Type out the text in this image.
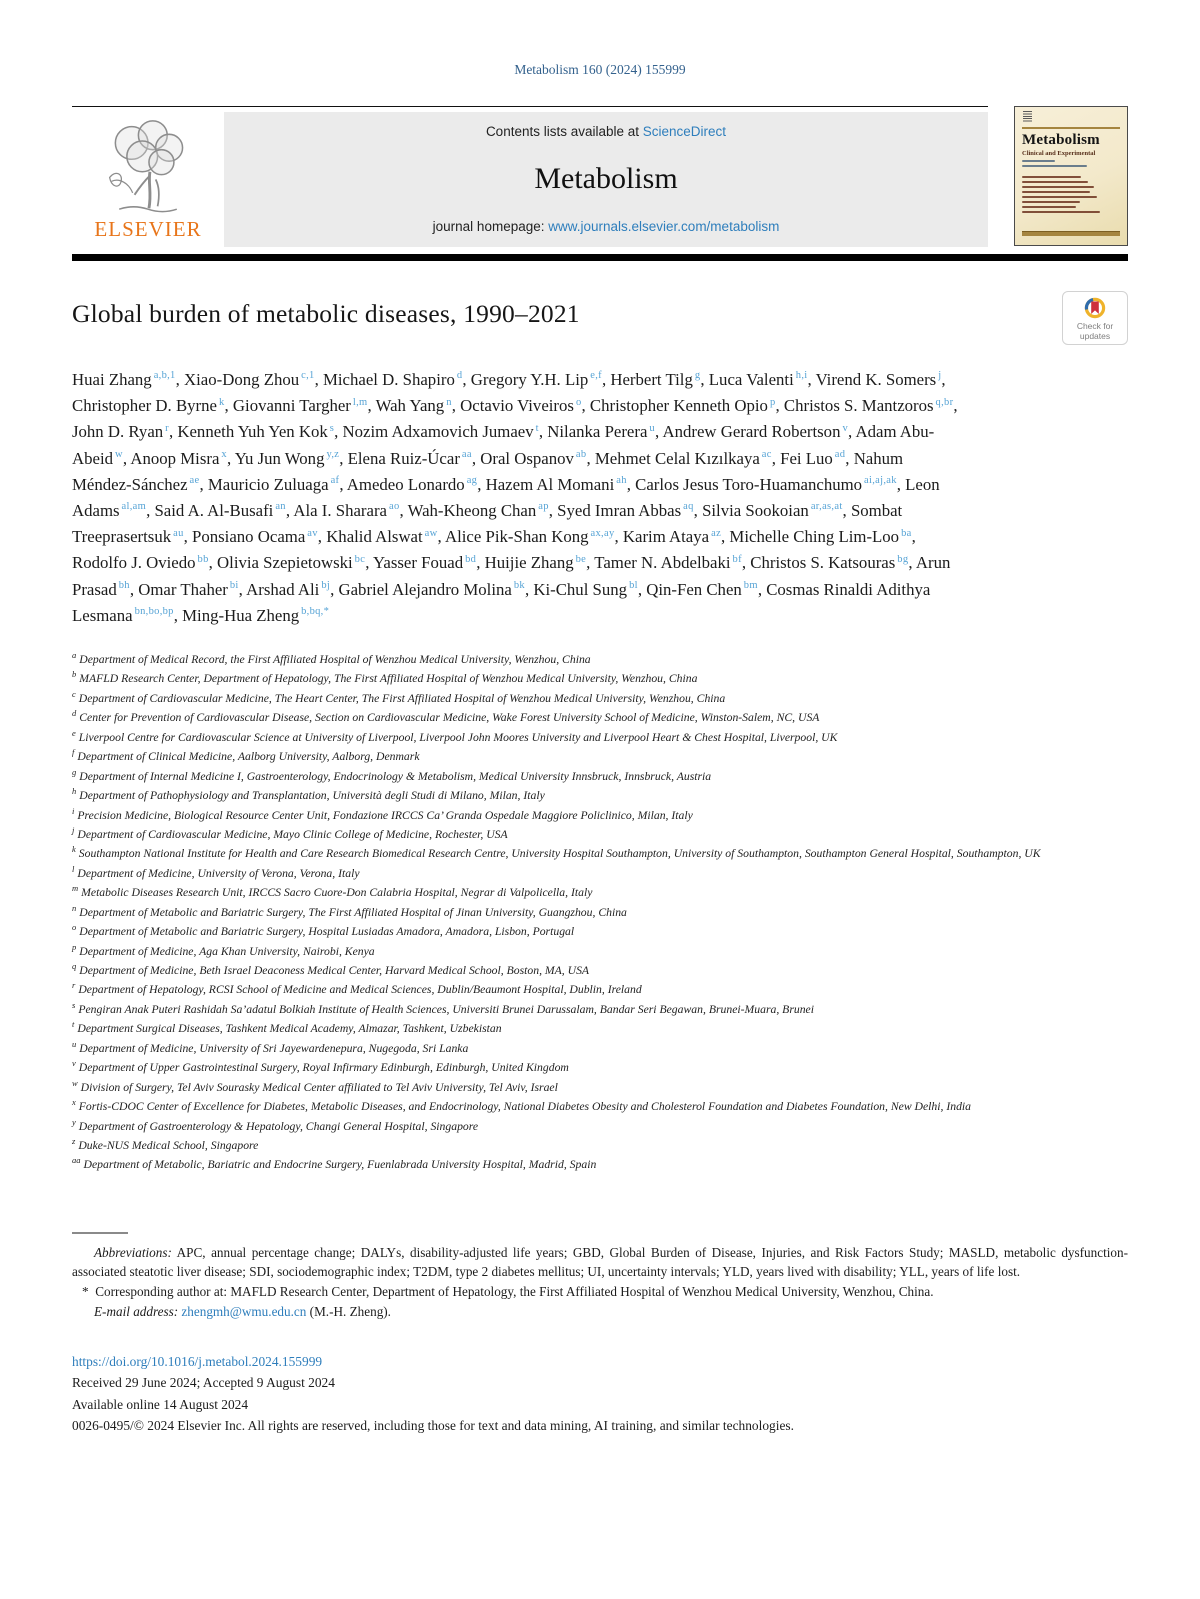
Metabolism 160 (2024) 155999
ELSEVIER
Contents lists available at ScienceDirect
Metabolism
journal homepage: www.journals.elsevier.com/metabolism
Metabolism
Clinical and Experimental
Global burden of metabolic diseases, 1990–2021	Check for updates

Huai Zhang $^{a,b,1}$ , Xiao-Dong Zhou $^{c,1}$ , Michael D. Shapiro $^d$ , Gregory Y.H. Lip $^{e,f}$ , Herbert Tilg $^g$ , Luca Valenti $^{h,i}$ , Virend K. Somers $^j$ , Christopher D. Byrne $^k$ , Giovanni Targher $^{l,m}$ , Wah Yang $^n$ , Octavio Viveiros $^o$ , Christopher Kenneth Opio $^p$ , Christos S. Mantzoros $^{q,br}$ , John D. Ryan $^r$ , Kenneth Yuh Yen Kok $^s$ , Nozim Adxamovich Jumaev $^t$ , Nilanka Perera $^u$ , Andrew Gerard Robertson $^v$ , Adam Abu-Abeid $^w$ , Anoop Misra $^x$ , Yu Jun Wong $^{y,z}$ , Elena Ruiz-Úcar $^{aa}$ , Oral Ospanov $^{ab}$ , Mehmet Celal Kızılkaya $^{ac}$ , Fei Luo $^{ad}$ , Nahum Méndez-Sánchez $^{ae}$ , Mauricio Zuluaga $^{af}$ , Amedeo Lonardo $^{ag}$ , Hazem Al Momani $^{ah}$ , Carlos Jesus Toro-Huamanchumo $^{ai,aj,ak}$ , Leon Adams $^{al,am}$ , Said A. Al-Busafi $^{an}$ , Ala I. Sharara $^{ao}$ , Wah-Kheong Chan $^{ap}$ , Syed Imran Abbas $^{aq}$ , Silvia Sookoian $^{ar,as,at}$ , Sombat Treeprasertsuk $^{au}$ , Ponsiano Ocama $^{av}$ , Khalid Alswat $^{aw}$ , Alice Pik-Shan Kong $^{ax,ay}$ , Karim Ataya $^{az}$ , Michelle Ching Lim-Loo $^{ba}$ , Rodolfo J. Oviedo $^{bb}$ , Olivia Szepietowski $^{bc}$ , Yasser Fouad $^{bd}$ , Huijie Zhang $^{be}$ , Tamer N. Abdelbaki $^{bf}$ , Christos S. Katsouras $^{bg}$ , Arun Prasad $^{bh}$ , Omar Thaher $^{bi}$ , Arshad Ali $^{bj}$ , Gabriel Alejandro Molina $^{bk}$ , Ki-Chul Sung $^{bl}$ , Qin-Fen Chen $^{bm}$ , Cosmas Rinaldi Adithya Lesmana $^{bn,bo,bp}$ , Ming-Hua Zheng $^{b,bq,*}$

$^a$ Department of Medical Record, the First Affiliated Hospital of Wenzhou Medical University, Wenzhou, China
$^b$ MAFLD Research Center, Department of Hepatology, The First Affiliated Hospital of Wenzhou Medical University, Wenzhou, China
$^c$ Department of Cardiovascular Medicine, The Heart Center, The First Affiliated Hospital of Wenzhou Medical University, Wenzhou, China
$^d$ Center for Prevention of Cardiovascular Disease, Section on Cardiovascular Medicine, Wake Forest University School of Medicine, Winston-Salem, NC, USA
$^e$ Liverpool Centre for Cardiovascular Science at University of Liverpool, Liverpool John Moores University and Liverpool Heart & Chest Hospital, Liverpool, UK
$^f$ Department of Clinical Medicine, Aalborg University, Aalborg, Denmark
$^g$ Department of Internal Medicine I, Gastroenterology, Endocrinology & Metabolism, Medical University Innsbruck, Innsbruck, Austria
$^h$ Department of Pathophysiology and Transplantation, Università degli Studi di Milano, Milan, Italy
$^i$ Precision Medicine, Biological Resource Center Unit, Fondazione IRCCS Ca’ Granda Ospedale Maggiore Policlinico, Milan, Italy
$^j$ Department of Cardiovascular Medicine, Mayo Clinic College of Medicine, Rochester, USA
$^k$ Southampton National Institute for Health and Care Research Biomedical Research Centre, University Hospital Southampton, University of Southampton, Southampton General Hospital, Southampton, UK
$^l$ Department of Medicine, University of Verona, Verona, Italy
$^m$ Metabolic Diseases Research Unit, IRCCS Sacro Cuore-Don Calabria Hospital, Negrar di Valpolicella, Italy
$^n$ Department of Metabolic and Bariatric Surgery, The First Affiliated Hospital of Jinan University, Guangzhou, China
$^o$ Department of Metabolic and Bariatric Surgery, Hospital Lusiadas Amadora, Amadora, Lisbon, Portugal
$^p$ Department of Medicine, Aga Khan University, Nairobi, Kenya
$^q$ Department of Medicine, Beth Israel Deaconess Medical Center, Harvard Medical School, Boston, MA, USA
$^r$ Department of Hepatology, RCSI School of Medicine and Medical Sciences, Dublin/Beaumont Hospital, Dublin, Ireland
$^s$ Pengiran Anak Puteri Rashidah Sa’adatul Bolkiah Institute of Health Sciences, Universiti Brunei Darussalam, Bandar Seri Begawan, Brunei-Muara, Brunei
$^t$ Department Surgical Diseases, Tashkent Medical Academy, Almazar, Tashkent, Uzbekistan
$^u$ Department of Medicine, University of Sri Jayewardenepura, Nugegoda, Sri Lanka
$^v$ Department of Upper Gastrointestinal Surgery, Royal Infirmary Edinburgh, Edinburgh, United Kingdom
$^w$ Division of Surgery, Tel Aviv Sourasky Medical Center affiliated to Tel Aviv University, Tel Aviv, Israel
$^x$ Fortis-CDOC Center of Excellence for Diabetes, Metabolic Diseases, and Endocrinology, National Diabetes Obesity and Cholesterol Foundation and Diabetes Foundation, New Delhi, India
$^y$ Department of Gastroenterology & Hepatology, Changi General Hospital, Singapore
$^z$ Duke-NUS Medical School, Singapore
$^{aa}$ Department of Metabolic, Bariatric and Endocrine Surgery, Fuenlabrada University Hospital, Madrid, Spain

Abbreviations: APC, annual percentage change; DALYs, disability-adjusted life years; GBD, Global Burden of Disease, Injuries, and Risk Factors Study; MASLD, metabolic dysfunction-associated steatotic liver disease; SDI, sociodemographic index; T2DM, type 2 diabetes mellitus; UI, uncertainty intervals; YLD, years lived with disability; YLL, years of life lost.

* Corresponding author at: MAFLD Research Center, Department of Hepatology, the First Affiliated Hospital of Wenzhou Medical University, Wenzhou, China.

E-mail address: zhengmh@wmu.edu.cn (M.-H. Zheng).

https://doi.org/10.1016/j.metabol.2024.155999

Received 29 June 2024; Accepted 9 August 2024

Available online 14 August 2024

0026-0495/© 2024 Elsevier Inc. All rights are reserved, including those for text and data mining, AI training, and similar technologies.
